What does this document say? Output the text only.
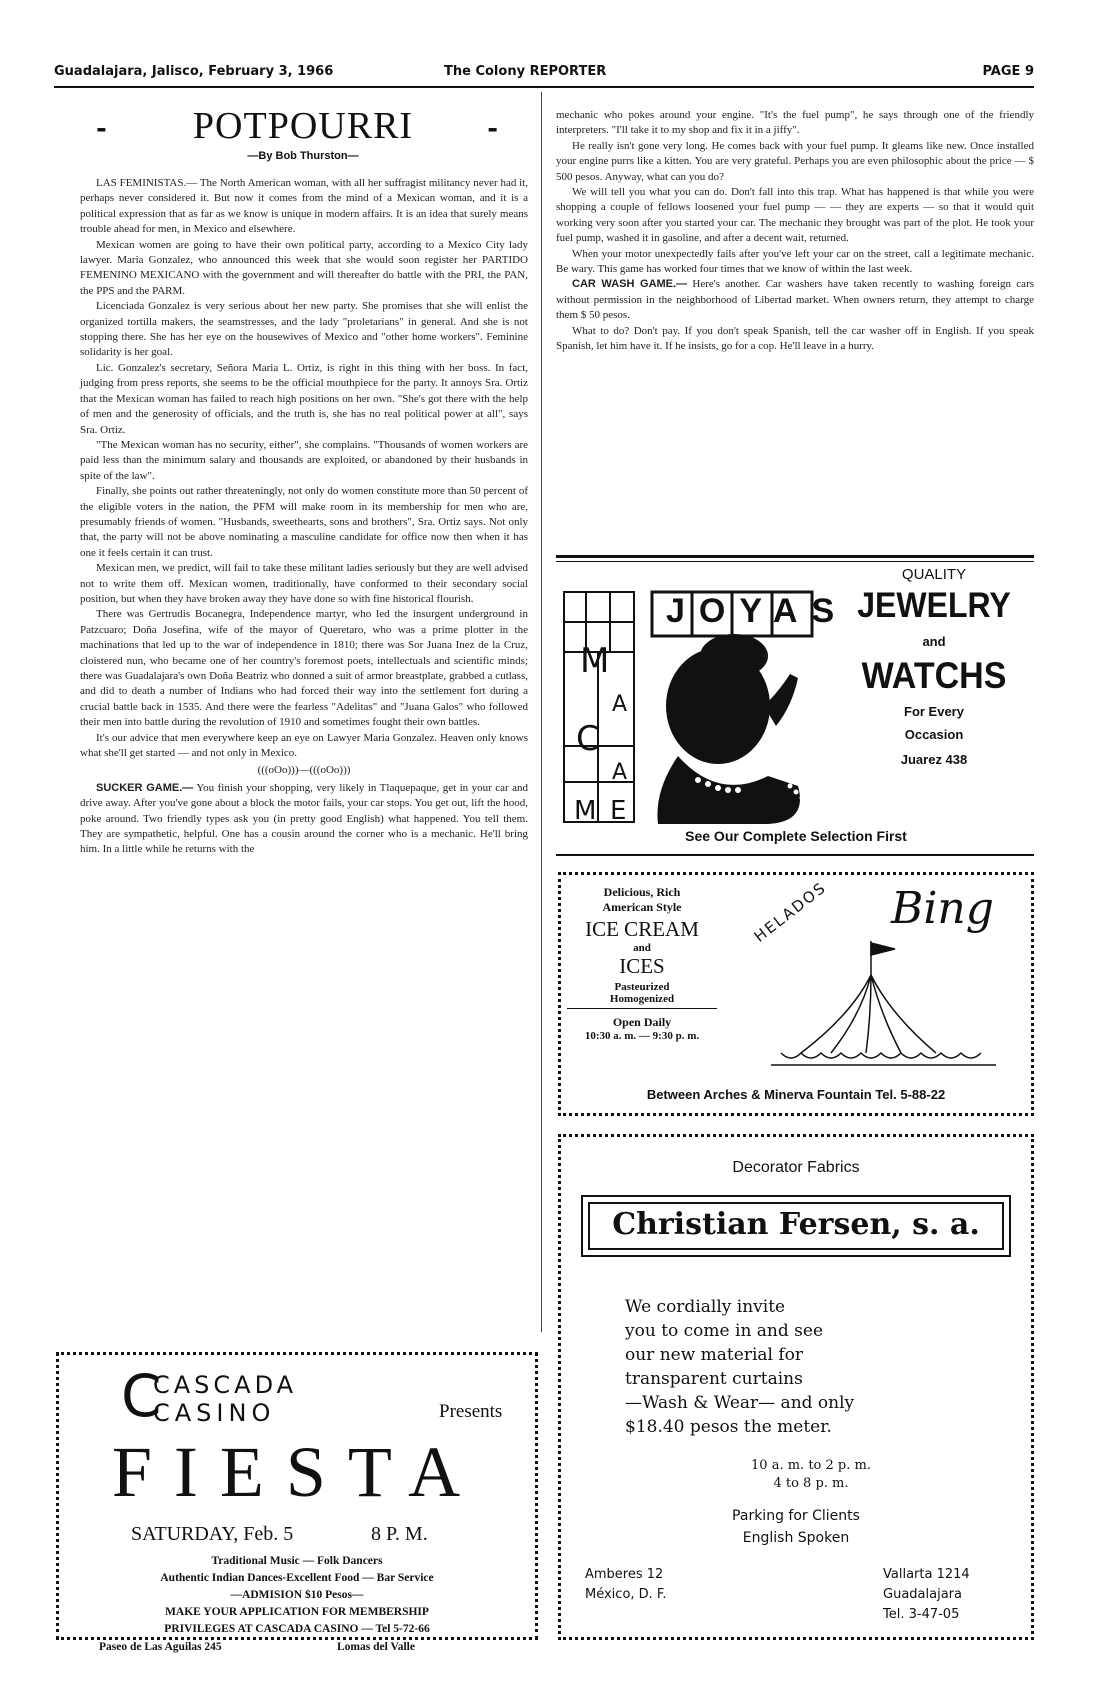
Guadalajara, Jalisco, February 3, 1966	The Colony REPORTER	PAGE 9
-	POTPOURRI	-
—By Bob Thurston—

LAS FEMINISTAS.— The North American woman, with all her suffragist militancy never had it, perhaps never considered it. But now it comes from the mind of a Mexican woman, and it is a political expression that as far as we know is unique in modern affairs. It is an idea that surely means trouble ahead for men, in Mexico and elsewhere.

Mexican women are going to have their own political party, according to a Mexico City lady lawyer. Maria Gonzalez, who announced this week that she would soon register her PARTIDO FEMENINO MEXICANO with the government and will thereafter do battle with the PRI, the PAN, the PPS and the PARM.

Licenciada Gonzalez is very serious about her new party. She promises that she will enlist the organized tortilla makers, the seamstresses, and the lady "proletarians" in general. And she is not stopping there. She has her eye on the housewives of Mexico and "other home workers". Feminine solidarity is her goal.

Lic. Gonzalez's secretary, Señora Maria L. Ortiz, is right in this thing with her boss. In fact, judging from press reports, she seems to be the official mouthpiece for the party. It annoys Sra. Ortiz that the Mexican woman has failed to reach high positions on her own. "She's got there with the help of men and the generosity of officials, and the truth is, she has no real political power at all", says Sra. Ortiz.

"The Mexican woman has no security, either", she complains. "Thousands of women workers are paid less than the minimum salary and thousands are exploited, or abandoned by their husbands in spite of the law".

Finally, she points out rather threateningly, not only do women constitute more than 50 percent of the eligible voters in the nation, the PFM will make room in its membership for men who are, presumably friends of women. "Husbands, sweethearts, sons and brothers", Sra. Ortiz says. Not only that, the party will not be above nominating a masculine candidate for office now then when it has one it feels certain it can trust.

Mexican men, we predict, will fail to take these militant ladies seriously but they are well advised not to write them off. Mexican women, traditionally, have conformed to their secondary social position, but when they have broken away they have done so with fine historical flourish.

There was Gertrudis Bocanegra, Independence martyr, who led the insurgent underground in Patzcuaro; Doña Josefina, wife of the mayor of Queretaro, who was a prime plotter in the machinations that led up to the war of independence in 1810; there was Sor Juana Inez de la Cruz, cloistered nun, who became one of her country's foremost poets, intellectuals and scientific minds; there was Guadalajara's own Doña Beatriz who donned a suit of armor breastplate, grabbed a cutlass, and did to death a number of Indians who had forced their way into the settlement fort during a crucial battle back in 1535. And there were the fearless "Adelitas" and "Juana Galos" who followed their men into battle during the revolution of 1910 and sometimes fought their own battles.

It's our advice that men everywhere keep an eye on Lawyer Maria Gonzalez. Heaven only knows what she'll get started — and not only in Mexico.

(((oOo)))—(((oOo)))

SUCKER GAME.— You finish your shopping, very likely in Tlaquepaque, get in your car and drive away. After you've gone about a block the motor fails, your car stops. You get out, lift the hood, poke around. Two friendly types ask you (in pretty good English) what happened. You tell them. They are sympathetic, helpful. One has a cousin around the corner who is a mechanic. He'll bring him. In a little while he returns with the

mechanic who pokes around your engine. "It's the fuel pump", he says through one of the friendly interpreters. "I'll take it to my shop and fix it in a jiffy".

He really isn't gone very long. He comes back with your fuel pump. It gleams like new. Once installed your engine purrs like a kitten. You are very grateful. Perhaps you are even philosophic about the price — $ 500 pesos. Anyway, what can you do?

We will tell you what you can do. Don't fall into this trap. What has happened is that while you were shopping a couple of fellows loosened your fuel pump — — they are experts — so that it would quit working very soon after you started your car. The mechanic they brought was part of the plot. He took your fuel pump, washed it in gasoline, and after a decent wait, returned.

When your motor unexpectedly fails after you've left your car on the street, call a legitimate mechanic. Be wary. This game has worked four times that we know of within the last week.

CAR WASH GAME.— Here's another. Car washers have taken recently to washing foreign cars without permission in the neighborhood of Libertad market. When owners return, they attempt to charge them $ 50 pesos.

What to do? Don't pay. If you don't speak Spanish, tell the car washer off in English. If you speak Spanish, let him have it. If he insists, go for a cop. He'll leave in a hurry.

M
A
C
A
M E
JOYAS
QUALITY
JEWELRY
and
WATCHS
For Every
Occasion
Juarez 438
See Our Complete Selection First
Delicious, Rich
American Style
ICE CREAM
and
ICES
Pasteurized
Homogenized
Open Daily
10:30 a. m. — 9:30 p. m.
HELADOS Bing
Between Arches & Minerva Fountain Tel. 5-88-22
Decorator Fabrics
Christian Fersen, s. a.
We cordially invite
you to come in and see
our new material for
transparent curtains
—Wash & Wear— and only
$18.40 pesos the meter.
10 a. m. to 2 p. m.
4 to 8 p. m.
Parking for Clients
English Spoken
Amberes 12
México, D. F.
Vallarta 1214
Guadalajara
Tel. 3-47-05
C
CASCADA
CASINO	Presents
FIESTA
SATURDAY, Feb. 5	8 P. M.
Traditional Music — Folk Dancers
Authentic Indian Dances-Excellent Food — Bar Service
—ADMISION $10 Pesos—
MAKE YOUR APPLICATION FOR MEMBERSHIP
PRIVILEGES AT CASCADA CASINO — Tel 5-72-66
Paseo de Las Aguilas 245	Lomas del Valle
